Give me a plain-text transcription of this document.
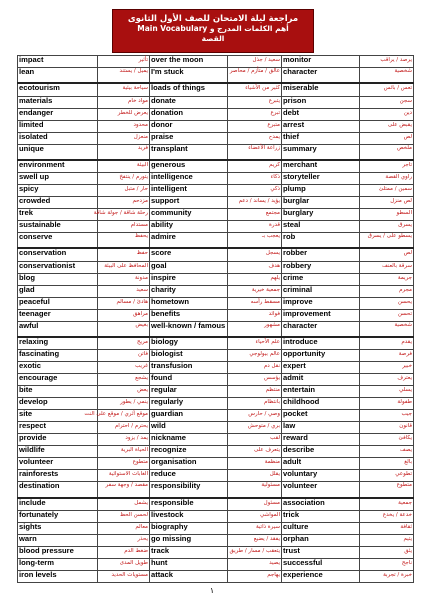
مراجعة ليلة الامتحان للصف الأول الثانوى
أهم الكلمات المدرج و Main Vocabulary
القصة
impact	تأثير	over the moon	سعيد / جذل	monitor	يرصد / يراقب
lean	يميل / يستند	I'm stuck	عالق / متأزم / محاصر	character	شخصية
ecotourism	سياحة بيئية	loads of things	كثير من الأشياء	miserable	تعس / بائس
materials	مواد خام	donate	يتبرع	prison	سجن
endanger	يعرض للخطر	donation	تبرع	debt	دين
limited	محدود	donor	متبرع	arrest	يقبض على
isolated	منعزل	praise	يمدح	thief	لص
unique	فريد	transplant	زراعة الأعضاء	summary	ملخص
environment	البيئة	generous	كريم	merchant	تاجر
swell up	يتورم / ينتفخ	intelligence	ذكاء	storyteller	راوي القصة
spicy	حار / متبل	intelligent	ذكي	plump	سمين / ممتلئ
crowded	مزدحم	support	يؤيد / يساند / دعم	burglar	لص منزل
trek	رحلة شاقة / جولة شاقة	community	مجتمع	burglary	السطو
sustainable	مستدام	ability	قدرة	steal	يسرق
conserve	يحفظ	admire	يعجب بـ	rob	يسطو على / يسرق
conservation	حفظ	score	يسجل	robber	لص
conservationist	المحافظ على البيئة	goal	هدف	robbery	سرقة بالعنف
blog	مدونة	inspire	يلهم	crime	جريمة
glad	سعيد	charity	جمعية خيرية	criminal	مجرم
peaceful	هادئ / مسالم	hometown	مسقط رأسه	improve	يحسن
teenager	مراهق	benefits	فوائد	improvement	تحسن
awful	بغيض	well-known / famous	مشهور	character	شخصية
relaxing	مريح	biology	علم الأحياء	introduce	يقدم
fascinating	فاتن	biologist	عالم بيولوجي	opportunity	فرصة
exotic	غريب	transfusion	نقل دم	expert	خبير
encourage	يشجع	found	يؤسس	admit	يعترف
bite	يعض	regular	منتظم	entertain	يسلي
develop	ينمي / يطور	regularly	بانتظام	childhood	طفولة
site	موقع أثري / موقع على النت	guardian	وصي / حارس	pocket	جيب
respect	يحترم / احترام	wild	بري / متوحش	law	قانون
provide	يمد / يزود	nickname	لقب	reward	يكافئ
wildlife	الحياة البرية	recognize	يتعرف على	describe	يصف
volunteer	متطوع	organisation	منظمة	adult	بالغ
rainforests	الغابات الاستوائية	reduce	يقلل	voluntary	تطوعي
destination	مقصد / وجهة سفر	responsibility	مسئولية	volunteer	متطوع
include	يشمل	responsible	مسئول	association	جمعية
fortunately	لحسن الحظ	livestock	المواشي	trick	خدعة / يخدع
sights	معالم	biography	سيرة ذاتية	culture	ثقافة
warn	يحذر	go missing	يفقد / يضيع	orphan	يتيم
blood pressure	ضغط الدم	track	يتعقب / مسار / طريق	trust	يثق
long-term	طويل المدى	hunt	يصيد	successful	ناجح
iron levels	مستويات الحديد	attack	يهاجم	experience	خبرة / تجربة
١
